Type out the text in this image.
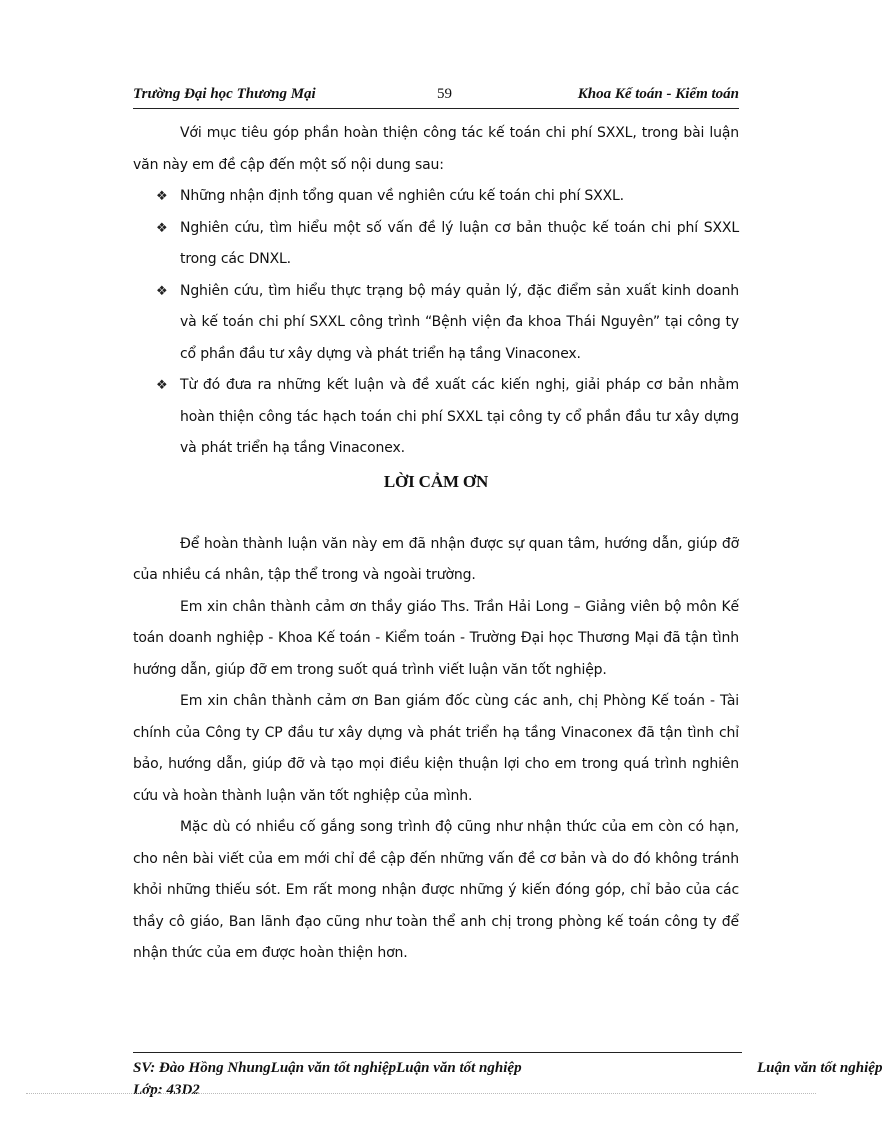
Trường Đại học Thương Mại	59	Khoa Kế toán - Kiểm toán

Với mục tiêu góp phần hoàn thiện công tác kế toán chi phí SXXL, trong bài luận văn này em đề cập đến một số nội dung sau:

❖ Những nhận định tổng quan về nghiên cứu kế toán chi phí SXXL.
❖ Nghiên cứu, tìm hiểu một số vấn đề lý luận cơ bản thuộc kế toán chi phí SXXL trong các DNXL.
❖ Nghiên cứu, tìm hiểu thực trạng bộ máy quản lý, đặc điểm sản xuất kinh doanh và kế toán chi phí SXXL công trình “Bệnh viện đa khoa Thái Nguyên” tại công ty cổ phần đầu tư xây dựng và phát triển hạ tầng Vinaconex.
❖ Từ đó đưa ra những kết luận và đề xuất các kiến nghị, giải pháp cơ bản nhằm hoàn thiện công tác hạch toán chi phí SXXL tại công ty cổ phần đầu tư xây dựng và phát triển hạ tầng Vinaconex.
LỜI CẢM ƠN

Để hoàn thành luận văn này em đã nhận được sự quan tâm, hướng dẫn, giúp đỡ của nhiều cá nhân, tập thể trong và ngoài trường.

Em xin chân thành cảm ơn thầy giáo Ths. Trần Hải Long – Giảng viên bộ môn Kế toán doanh nghiệp - Khoa Kế toán - Kiểm toán - Trường Đại học Thương Mại đã tận tình hướng dẫn, giúp đỡ em trong suốt quá trình viết luận văn tốt nghiệp.

Em xin chân thành cảm ơn Ban giám đốc cùng các anh, chị Phòng Kế toán - Tài chính của Công ty CP đầu tư xây dựng và phát triển hạ tầng Vinaconex đã tận tình chỉ bảo, hướng dẫn, giúp đỡ và tạo mọi điều kiện thuận lợi cho em trong quá trình nghiên cứu và hoàn thành luận văn tốt nghiệp của mình.

Mặc dù có nhiều cố gắng song trình độ cũng như nhận thức của em còn có hạn, cho nên bài viết của em mới chỉ đề cập đến những vấn đề cơ bản và do đó không tránh khỏi những thiếu sót. Em rất mong nhận được những ý kiến đóng góp, chỉ bảo của các thầy cô giáo, Ban lãnh đạo cũng như toàn thể anh chị trong phòng kế toán công ty để nhận thức của em được hoàn thiện hơn.

SV: Đào Hồng NhungLuận văn tốt nghiệpLuận văn tốt nghiệp
Lớp: 43D2
Luận văn tốt nghiệp
